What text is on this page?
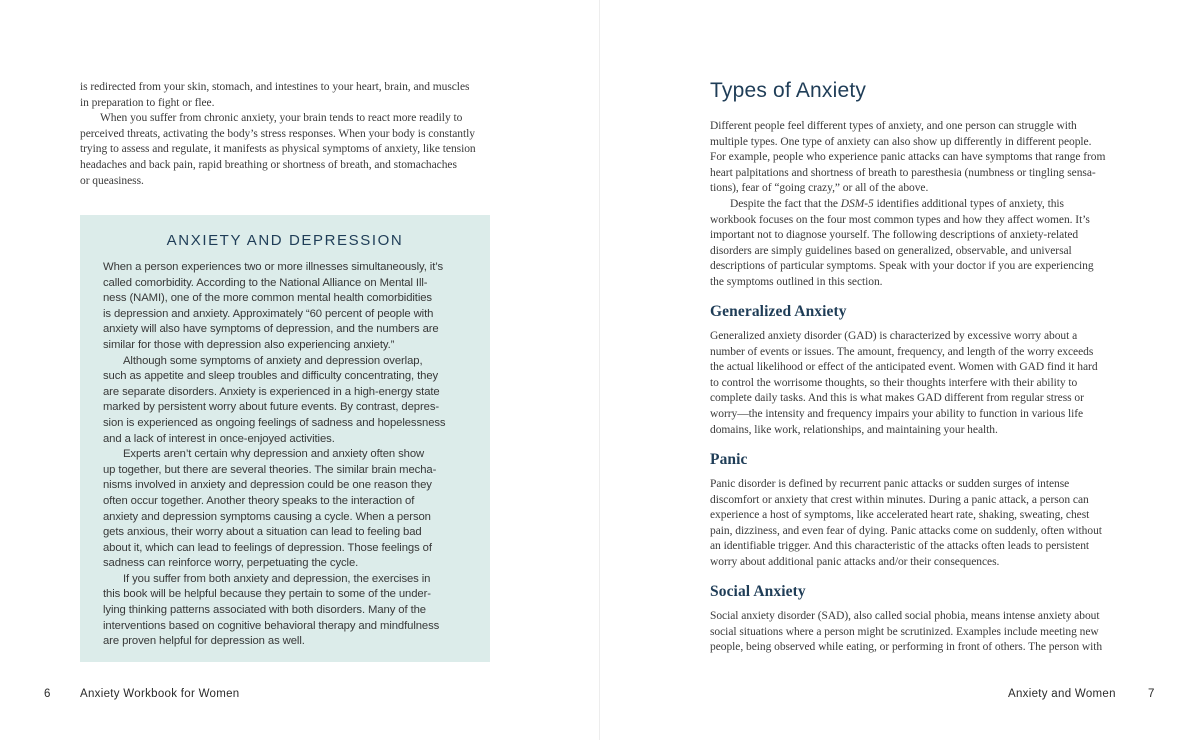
is redirected from your skin, stomach, and intestines to your heart, brain, and muscles
in preparation to fight or flee.

When you suffer from chronic anxiety, your brain tends to react more readily to
perceived threats, activating the body’s stress responses. When your body is constantly
trying to assess and regulate, it manifests as physical symptoms of anxiety, like tension
headaches and back pain, rapid breathing or shortness of breath, and stomachaches
or queasiness.

ANXIETY AND DEPRESSION
When a person experiences two or more illnesses simultaneously, it’s
called comorbidity. According to the National Alliance on Mental Ill-
ness (NAMI), one of the more common mental health comorbidities
is depression and anxiety. Approximately “60 percent of people with
anxiety will also have symptoms of depression, and the numbers are
similar for those with depression also experiencing anxiety.”
Although some symptoms of anxiety and depression overlap,
such as appetite and sleep troubles and difficulty concentrating, they
are separate disorders. Anxiety is experienced in a high-energy state
marked by persistent worry about future events. By contrast, depres-
sion is experienced as ongoing feelings of sadness and hopelessness
and a lack of interest in once-enjoyed activities.
Experts aren’t certain why depression and anxiety often show
up together, but there are several theories. The similar brain mecha-
nisms involved in anxiety and depression could be one reason they
often occur together. Another theory speaks to the interaction of
anxiety and depression symptoms causing a cycle. When a person
gets anxious, their worry about a situation can lead to feeling bad
about it, which can lead to feelings of depression. Those feelings of
sadness can reinforce worry, perpetuating the cycle.
If you suffer from both anxiety and depression, the exercises in
this book will be helpful because they pertain to some of the under-
lying thinking patterns associated with both disorders. Many of the
interventions based on cognitive behavioral therapy and mindfulness
are proven helpful for depression as well.
6	Anxiety Workbook for Women
Types of Anxiety

Different people feel different types of anxiety, and one person can struggle with
multiple types. One type of anxiety can also show up differently in different people.
For example, people who experience panic attacks can have symptoms that range from
heart palpitations and shortness of breath to paresthesia (numbness or tingling sensa-
tions), fear of “going crazy,” or all of the above.

Despite the fact that the DSM-5 identifies additional types of anxiety, this
workbook focuses on the four most common types and how they affect women. It’s
important not to diagnose yourself. The following descriptions of anxiety-related
disorders are simply guidelines based on generalized, observable, and universal
descriptions of particular symptoms. Speak with your doctor if you are experiencing
the symptoms outlined in this section.

Generalized Anxiety

Generalized anxiety disorder (GAD) is characterized by excessive worry about a
number of events or issues. The amount, frequency, and length of the worry exceeds
the actual likelihood or effect of the anticipated event. Women with GAD find it hard
to control the worrisome thoughts, so their thoughts interfere with their ability to
complete daily tasks. And this is what makes GAD different from regular stress or
worry—the intensity and frequency impairs your ability to function in various life
domains, like work, relationships, and maintaining your health.

Panic

Panic disorder is defined by recurrent panic attacks or sudden surges of intense
discomfort or anxiety that crest within minutes. During a panic attack, a person can
experience a host of symptoms, like accelerated heart rate, shaking, sweating, chest
pain, dizziness, and even fear of dying. Panic attacks come on suddenly, often without
an identifiable trigger. And this characteristic of the attacks often leads to persistent
worry about additional panic attacks and/or their consequences.

Social Anxiety

Social anxiety disorder (SAD), also called social phobia, means intense anxiety about
social situations where a person might be scrutinized. Examples include meeting new
people, being observed while eating, or performing in front of others. The person with

Anxiety and Women	7
